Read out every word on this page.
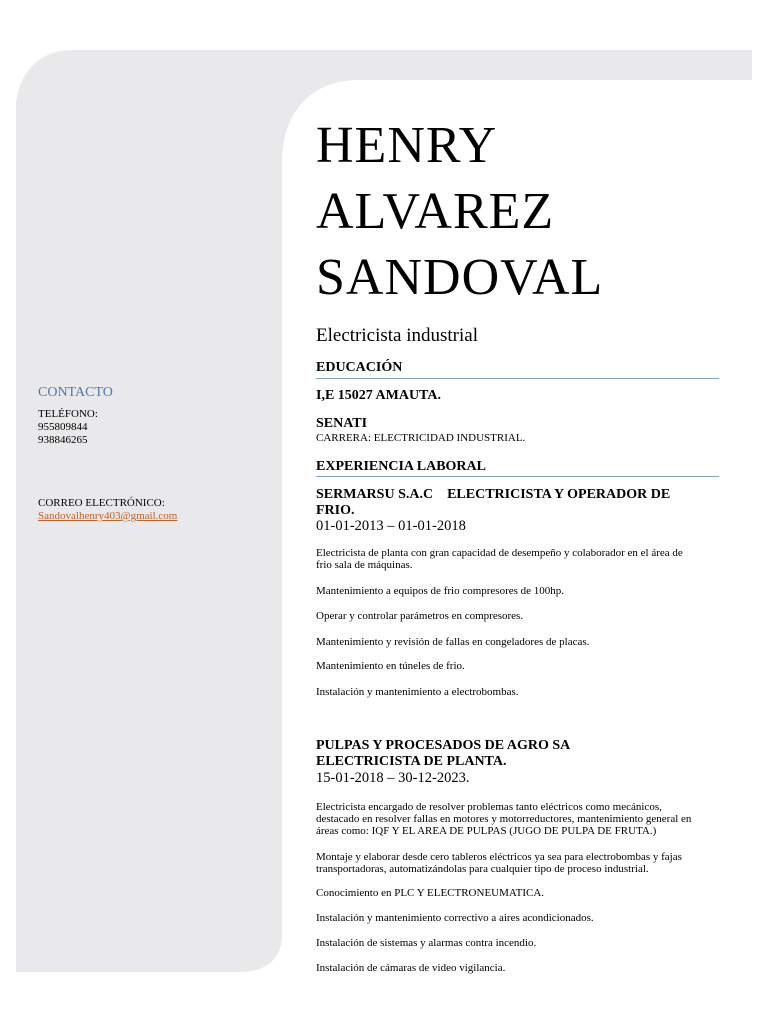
HENRY
ALVAREZ
SANDOVAL
Electricista industrial
CONTACTO
TELÉFONO:
955809844
938846265
CORREO ELECTRÓNICO:
Sandovalhenry403@gmail.com
EDUCACIÓN
I,E 15027 AMAUTA.
SENATI
CARRERA: ELECTRICIDAD INDUSTRIAL.
EXPERIENCIA LABORAL
SERMARSU S.A.C    ELECTRICISTA Y OPERADOR DE
FRIO.
01-01-2013 – 01-01-2018
Electricista de planta con gran capacidad de desempeño y colaborador en el área de
frio sala de máquinas.
Mantenimiento a equipos de frio compresores de 100hp.
Operar y controlar parámetros en compresores.
Mantenimiento y revisión de fallas en congeladores de placas.
Mantenimiento en túneles de frio.
Instalación y mantenimiento a electrobombas.
PULPAS Y PROCESADOS DE AGRO SA
ELECTRICISTA DE PLANTA.
15-01-2018 – 30-12-2023.
Electricista encargado de resolver problemas tanto eléctricos como mecánicos,
destacado en resolver fallas en motores y motorreductores, mantenimiento general en
áreas como: IQF Y EL AREA DE PULPAS (JUGO DE PULPA DE FRUTA.)
Montaje y elaborar desde cero tableros eléctricos ya sea para electrobombas y fajas
transportadoras, automatizándolas para cualquier tipo de proceso industrial.
Conocimiento en PLC Y ELECTRONEUMATICA.
Instalación y mantenimiento correctivo a aires acondicionados.
Instalación de sistemas y alarmas contra incendio.
Instalación de cámaras de video vigilancia.
